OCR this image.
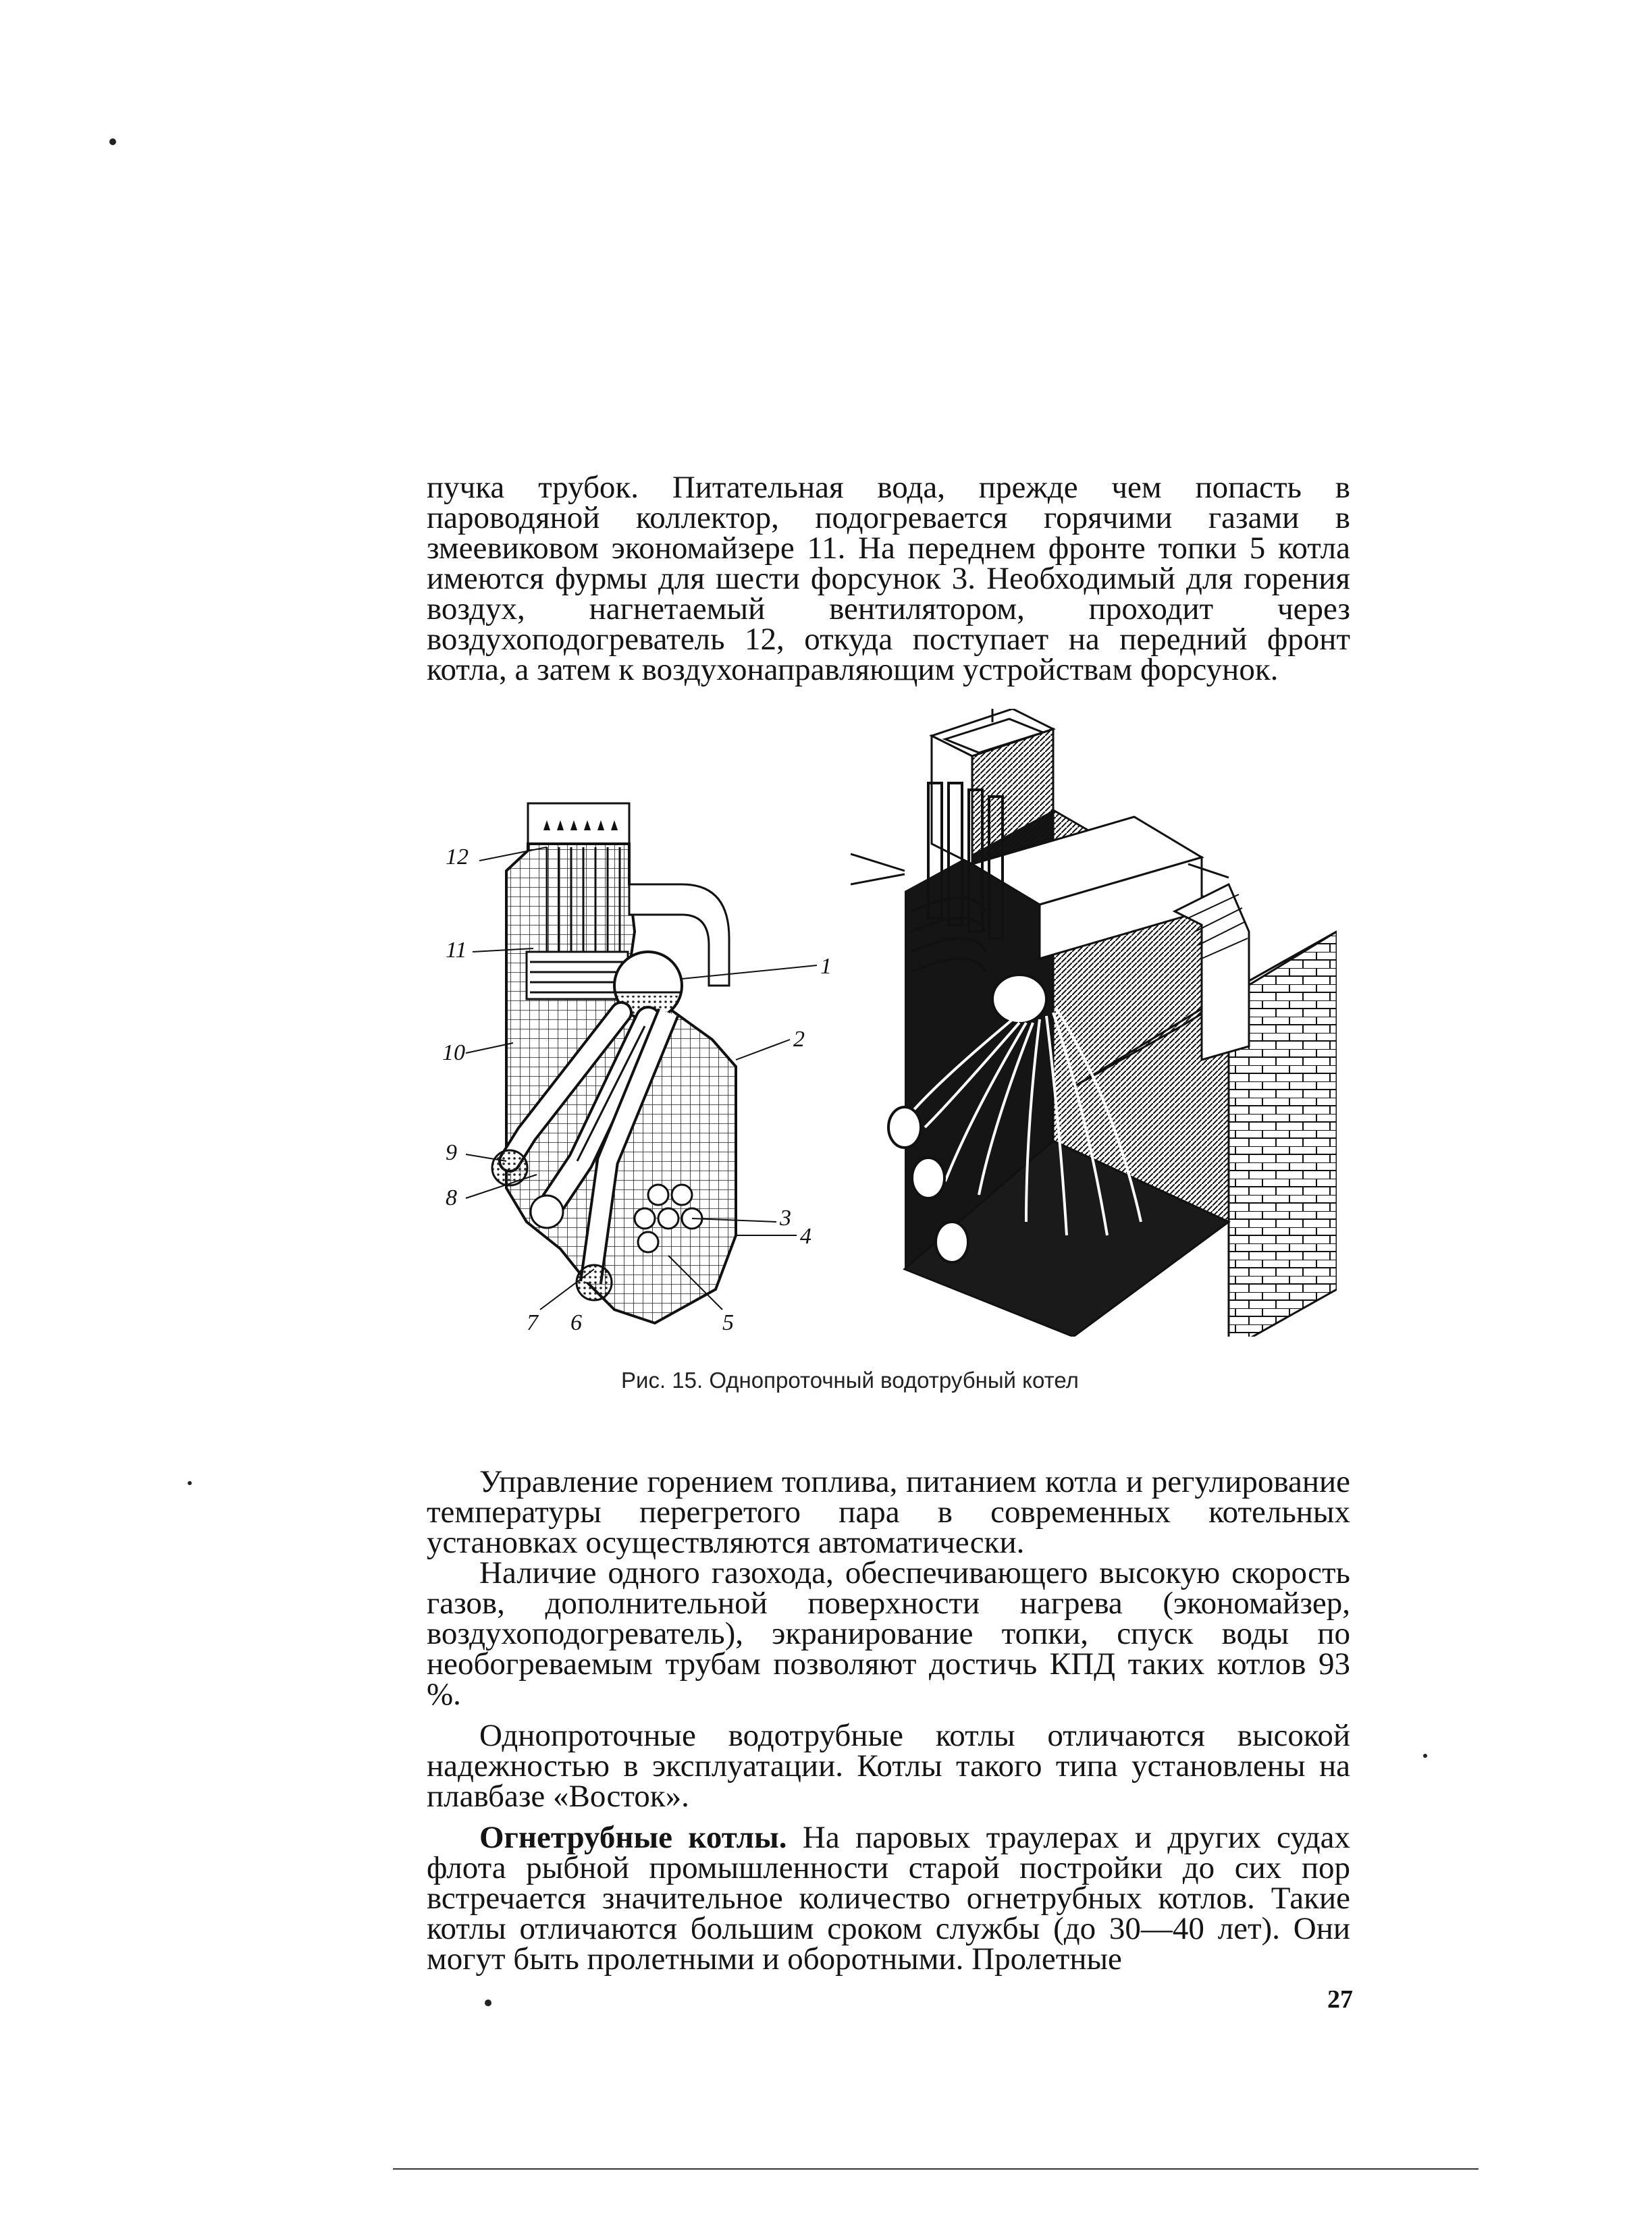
пучка трубок. Питательная вода, прежде чем попасть в пароводяной коллектор, подогревается горячими газами в змеевиковом экономайзере 11. На переднем фронте топки 5 котла имеются фурмы для шести форсунок 3. Необходимый для горения воздух, нагнетаемый вентилятором, проходит через воздухоподогреватель 12, откуда поступает на передний фронт котла, а затем к воздухонаправляющим устройствам форсунок.

12
11
10
9
8
7 6	5
4
3
2
1
Рис. 15. Однопроточный водотрубный котел

Управление горением топлива, питанием котла и регулирование температуры перегретого пара в современных котельных установках осуществляются автоматически.

Наличие одного газохода, обеспечивающего высокую скорость газов, дополнительной поверхности нагрева (экономайзер, воздухоподогреватель), экранирование топки, спуск воды по необогреваемым трубам позволяют достичь КПД таких котлов 93 %.

Однопроточные водотрубные котлы отличаются высокой надежностью в эксплуатации. Котлы такого типа установлены на плавбазе «Восток».

Огнетрубные котлы. На паровых траулерах и других судах флота рыбной промышленности старой постройки до сих пор встречается значительное количество огнетрубных котлов. Такие котлы отличаются большим сроком службы (до 30—40 лет). Они могут быть пролетными и оборотными. Пролетные

27
